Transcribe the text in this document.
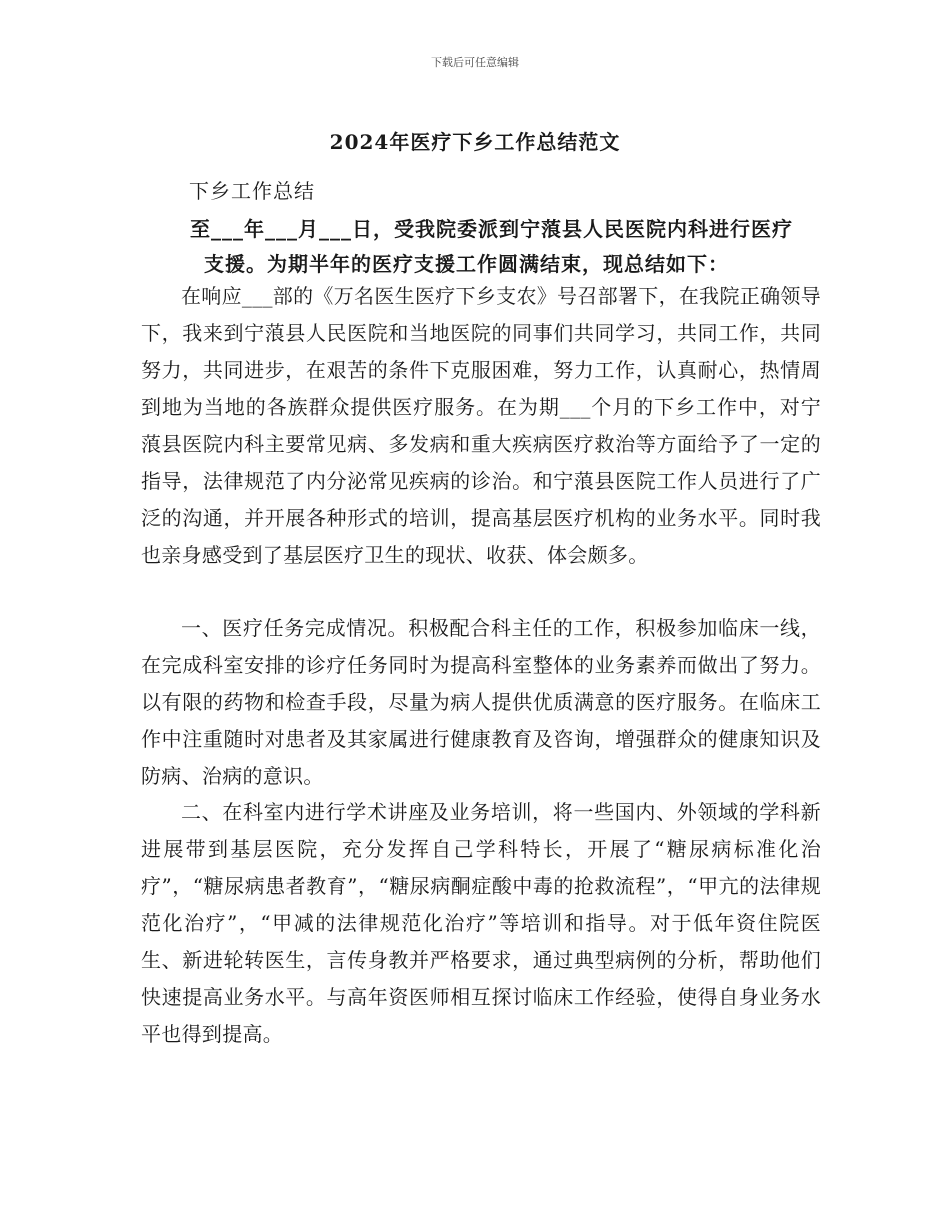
下载后可任意编辑
2024年医疗下乡工作总结范文
下乡工作总结
至___年___月___日，受我院委派到宁蒗县人民医院内科进行医疗
支援。为期半年的医疗支援工作圆满结束，现总结如下：

在响应___部的《万名医生医疗下乡支农》号召部署下，在我院正确领导下，我来到宁蒗县人民医院和当地医院的同事们共同学习，共同工作，共同努力，共同进步，在艰苦的条件下克服困难，努力工作，认真耐心，热情周到地为当地的各族群众提供医疗服务。在为期___个月的下乡工作中，对宁蒗县医院内科主要常见病、多发病和重大疾病医疗救治等方面给予了一定的指导，法律规范了内分泌常见疾病的诊治。和宁蒗县医院工作人员进行了广泛的沟通，并开展各种形式的培训，提高基层医疗机构的业务水平。同时我也亲身感受到了基层医疗卫生的现状、收获、体会颇多。

一、医疗任务完成情况。积极配合科主任的工作，积极参加临床一线，在完成科室安排的诊疗任务同时为提高科室整体的业务素养而做出了努力。以有限的药物和检查手段，尽量为病人提供优质满意的医疗服务。在临床工作中注重随时对患者及其家属进行健康教育及咨询，增强群众的健康知识及防病、治病的意识。

二、在科室内进行学术讲座及业务培训，将一些国内、外领域的学科新进展带到基层医院，充分发挥自己学科特长，开展了“糖尿病标准化治疗”，“糖尿病患者教育”，“糖尿病酮症酸中毒的抢救流程”，“甲亢的法律规范化治疗”，“甲减的法律规范化治疗”等培训和指导。对于低年资住院医生、新进轮转医生，言传身教并严格要求，通过典型病例的分析，帮助他们快速提高业务水平。与高年资医师相互探讨临床工作经验，使得自身业务水平也得到提高。
